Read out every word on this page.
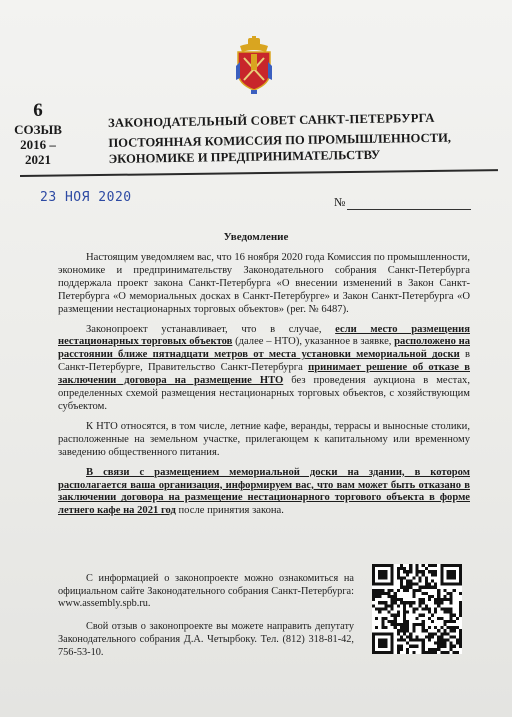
6
СОЗЫВ
2016 –
2021
ЗАКОНОДАТЕЛЬНЫЙ СОВЕТ САНКТ-ПЕТЕРБУРГА
ПОСТОЯННАЯ КОМИССИЯ ПО ПРОМЫШЛЕННОСТИ,
ЭКОНОМИКЕ И ПРЕДПРИНИМАТЕЛЬСТВУ
23 НОЯ 2020	№
Уведомление

Настоящим уведомляем вас, что 16 ноября 2020 года Комиссия по промышленности, экономике и предпринимательству Законодательного собрания Санкт-Петербурга поддержала проект закона Санкт-Петербурга «О внесении изменений в Закон Санкт-Петербурга «О мемориальных досках в Санкт-Петербурге» и Закон Санкт-Петербурга «О размещении нестационарных торговых объектов» (рег. № 6487).

Законопроект устанавливает, что в случае, если место размещения нестационарных торговых объектов (далее – НТО), указанное в заявке, расположено на расстоянии ближе пятнадцати метров от места установки мемориальной доски в Санкт-Петербурге, Правительство Санкт-Петербурга принимает решение об отказе в заключении договора на размещение НТО без проведения аукциона в местах, определенных схемой размещения нестационарных торговых объектов, с хозяйствующим субъектом.

К НТО относятся, в том числе, летние кафе, веранды, террасы и выносные столики, расположенные на земельном участке, прилегающем к капитальному или временному заведению общественного питания.

В связи с размещением мемориальной доски на здании, в котором располагается ваша организация, информируем вас, что вам может быть отказано в заключении договора на размещение нестационарного торгового объекта в форме летнего кафе на 2021 год после принятия закона.

С информацией о законопроекте можно ознакомиться на официальном сайте Законодательного собрания Санкт-Петербурга: www.assembly.spb.ru.

Свой отзыв о законопроекте вы можете направить депутату Законодательного собрания Д.А. Четырбоку. Тел. (812) 318-81-42, 756-53-10.
